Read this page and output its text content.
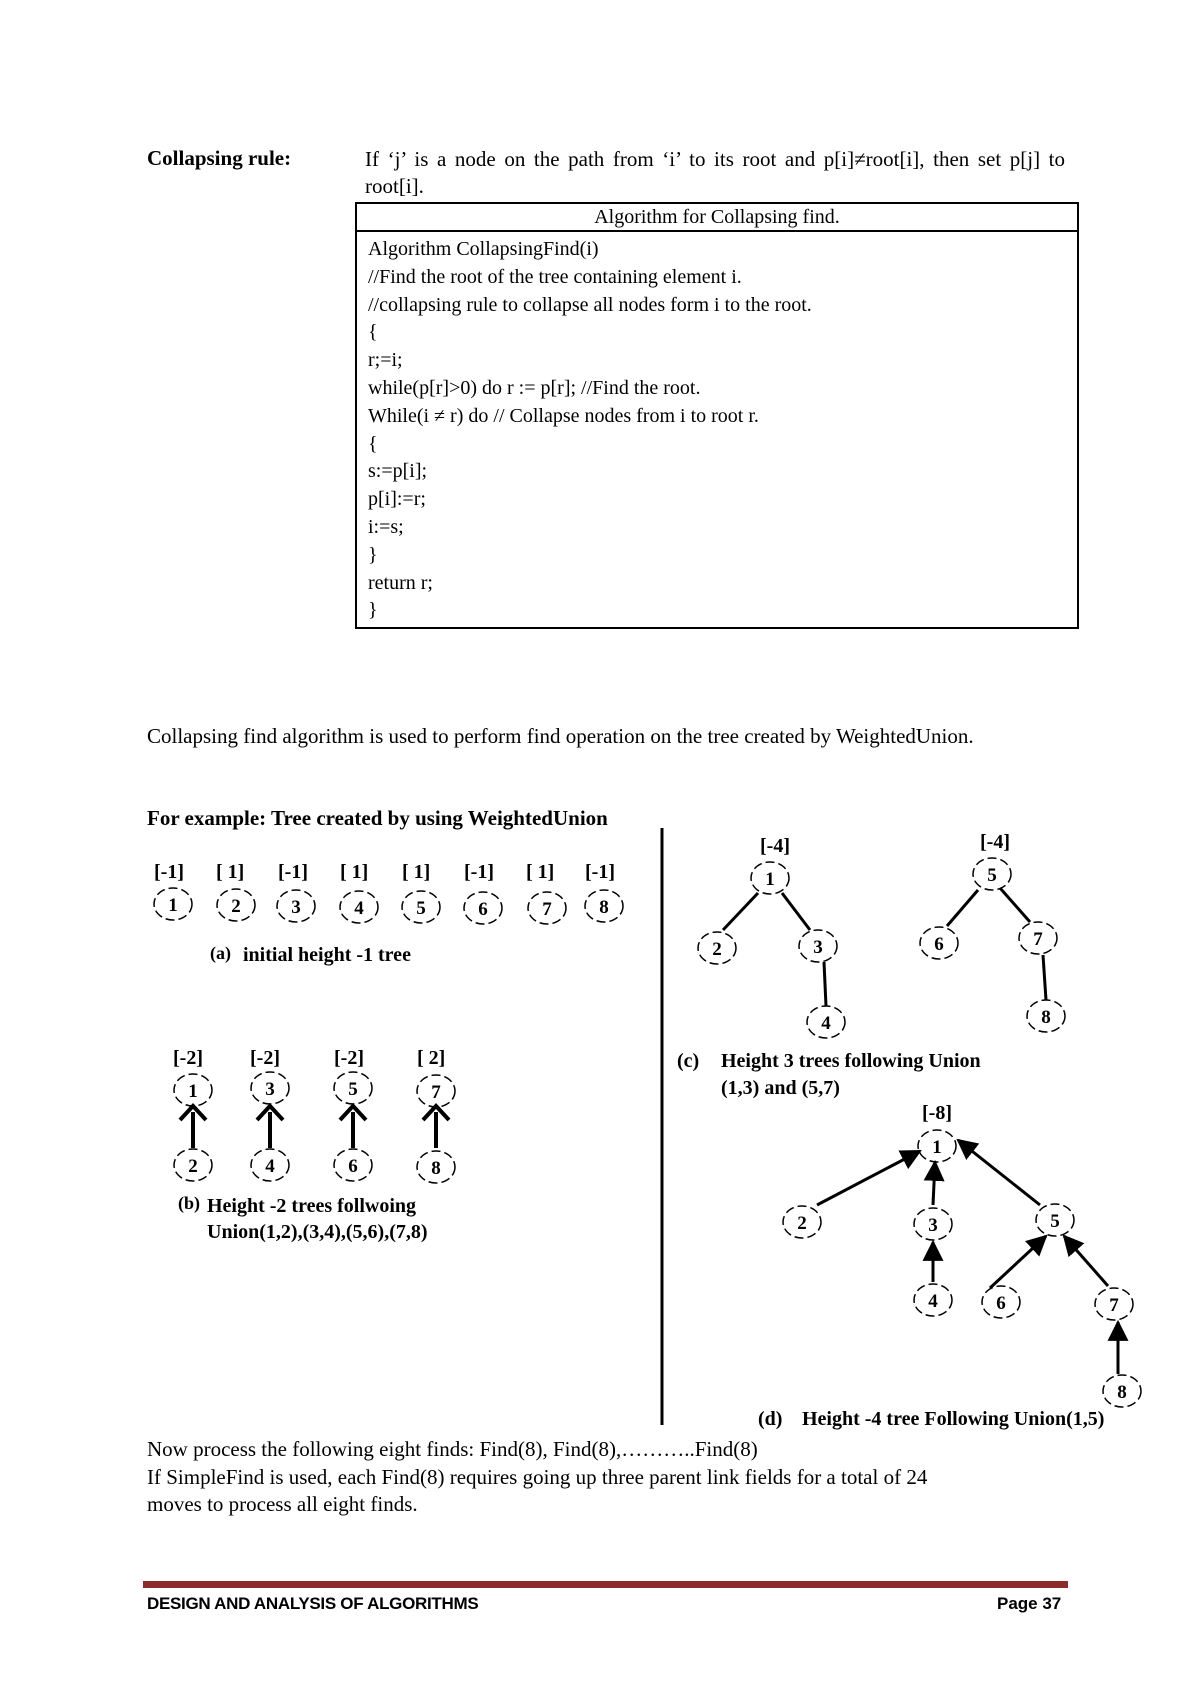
Collapsing rule:	If ‘j’ is a node on the path from ‘i’ to its root and p[i]≠root[i], then set p[j] to root[i].
Algorithm for Collapsing find.
Algorithm CollapsingFind(i)
//Find the root of the tree containing element i.
//collapsing rule to collapse all nodes form i to the root.
{
r;=i;
while(p[r]>0) do r := p[r]; //Find the root.
While(i ≠ r) do // Collapse nodes from i to root r.
{
s:=p[i];
p[i]:=r;
i:=s;
}
return r;
}
Collapsing find algorithm is used to perform find operation on the tree created by WeightedUnion.
For example: Tree created by using WeightedUnion
[-1] [ 1] [-1] [ 1] [ 1] [-1] [ 1] [-1]
1	2	3	4	5	6	7	8
(a) initial height -1 tree
[-2] [-2]	[-2]	[ 2]
1	3	5	7
2	4	6	8
(b) Height -2 trees follwoing
Union(1,2),(3,4),(5,6),(7,8)
[-4]	[-4]
1
2	3
4
5
6	7
8
(c) Height 3 trees following Union
(1,3) and (5,7)
[-8]
1
2	3
4
5
6	7
8
(d) Height -4 tree Following Union(1,5)
Now process the following eight finds: Find(8), Find(8),………..Find(8)
If SimpleFind is used, each Find(8) requires going up three parent link fields for a total of 24
moves to process all eight finds.
DESIGN AND ANALYSIS OF ALGORITHMS	Page 37
